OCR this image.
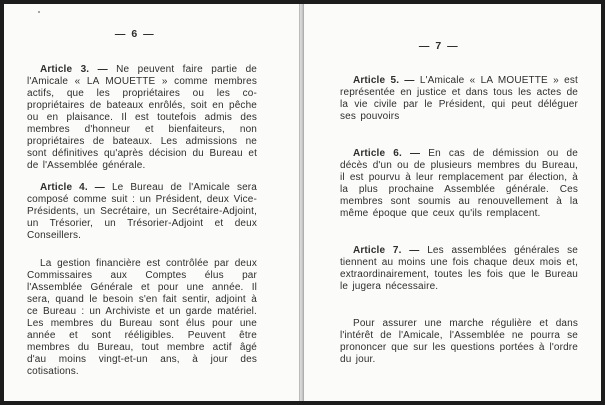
— 6 —

Article 3. — Ne peuvent faire partie de l'Amicale « LA MOUETTE » comme membres actifs, que les propriétaires ou les co-propriétaires de bateaux enrôlés, soit en pêche ou en plaisance. Il est toutefois admis des membres d'honneur et bienfaiteurs, non propriétaires de bateaux. Les admissions ne sont définitives qu'après décision du Bureau et de l'Assemblée générale.

Article 4. — Le Bureau de l'Amicale sera composé comme suit : un Président, deux Vice-Présidents, un Secrétaire, un Secrétaire-Adjoint, un Trésorier, un Trésorier-Adjoint et deux Conseillers.

La gestion financière est contrôlée par deux Commissaires aux Comptes élus par l'Assemblée Générale et pour une année. Il sera, quand le besoin s'en fait sentir, adjoint à ce Bureau : un Archiviste et un garde matériel. Les membres du Bureau sont élus pour une année et sont rééligibles. Peuvent être membres du Bureau, tout membre actif âgé d'au moins vingt-et-un ans, à jour des cotisations.

— 7 —

Article 5. — L'Amicale « LA MOUETTE » est représentée en justice et dans tous les actes de la vie civile par le Président, qui peut déléguer ses pouvoirs

Article 6. — En cas de démission ou de décès d'un ou de plusieurs membres du Bureau, il est pourvu à leur remplacement par élection, à la plus prochaine Assemblée générale. Ces membres sont soumis au renouvellement à la même époque que ceux qu'ils remplacent.

Article 7. — Les assemblées générales se tiennent au moins une fois chaque deux mois et, extraordinairement, toutes les fois que le Bureau le jugera nécessaire.

Pour assurer une marche régulière et dans l'intérêt de l'Amicale, l'Assemblée ne pourra se prononcer que sur les questions portées à l'ordre du jour.
